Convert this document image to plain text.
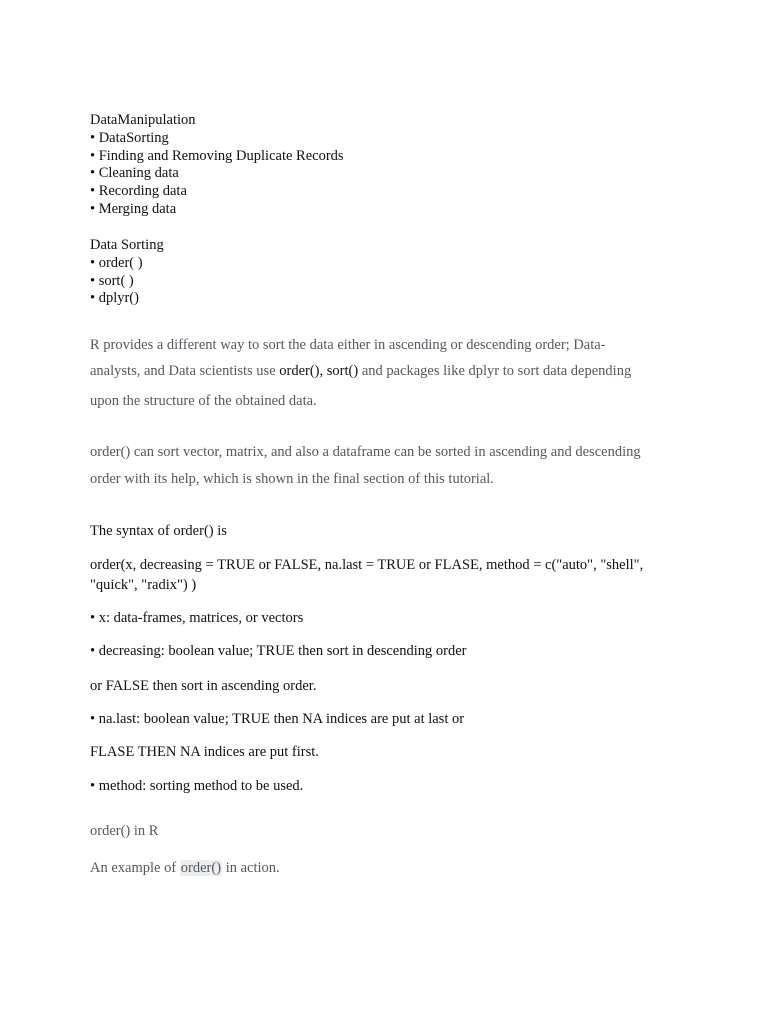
DataManipulation
• DataSorting
• Finding and Removing Duplicate Records
• Cleaning data
• Recording data
• Merging data
Data Sorting
• order( )
• sort( )
• dplyr()
R provides a different way to sort the data either in ascending or descending order; Data-
analysts, and Data scientists use order(), sort() and packages like dplyr to sort data depending
upon the structure of the obtained data.
order() can sort vector, matrix, and also a dataframe can be sorted in ascending and descending
order with its help, which is shown in the final section of this tutorial.
The syntax of order() is
order(x, decreasing = TRUE or FALSE, na.last = TRUE or FLASE, method = c("auto", "shell",
"quick", "radix") )
• x: data-frames, matrices, or vectors
• decreasing: boolean value; TRUE then sort in descending order
or FALSE then sort in ascending order.
• na.last: boolean value; TRUE then NA indices are put at last or
FLASE THEN NA indices are put first.
• method: sorting method to be used.
order() in R
An example of order() in action.
